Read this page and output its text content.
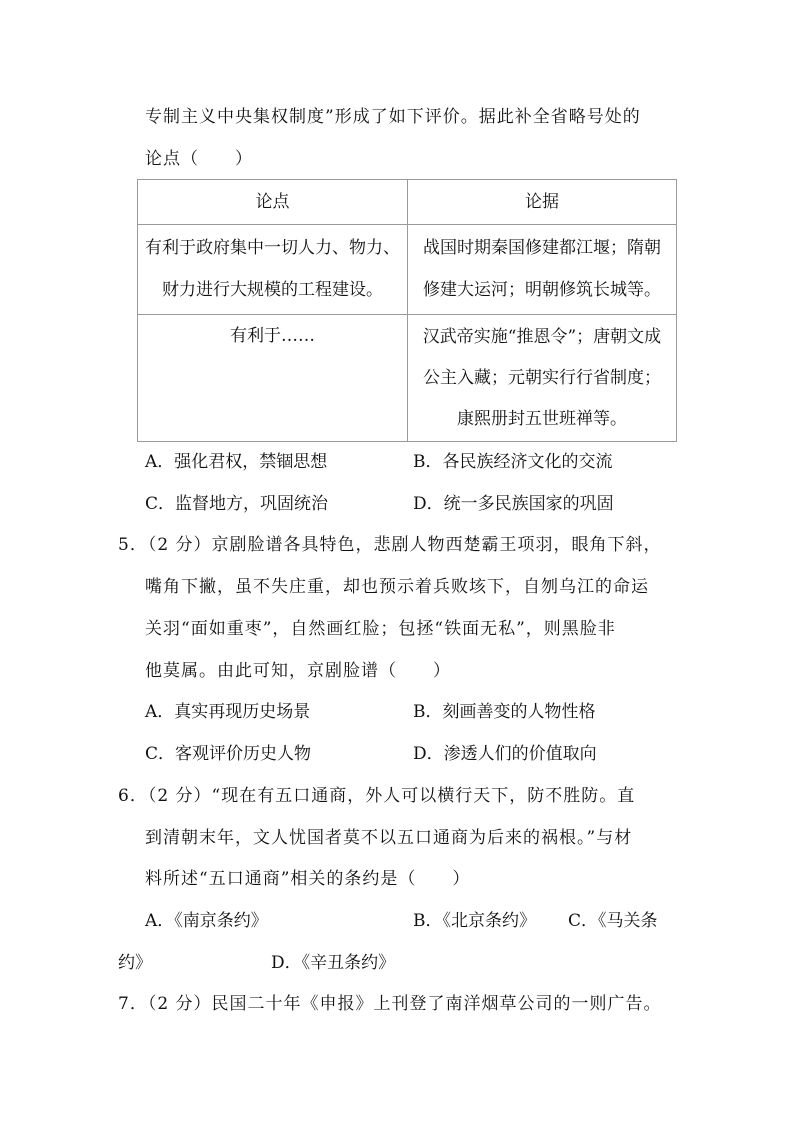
专制主义中央集权制度”形成了如下评价。据此补全省略号处的
论点（　　）
论点	论据

有利于政府集中一切人力、物力、
财力进行大规模的工程建设。	战国时期秦国修建都江堰；隋朝
修建大运河；明朝修筑长城等。

有利于……	汉武帝实施“推恩令”；唐朝文成
公主入藏；元朝实行行省制度；
康熙册封五世班禅等。
A．强化君权，禁锢思想	B．各民族经济文化的交流
C．监督地方，巩固统治	D．统一多民族国家的巩固
5．（2 分）京剧脸谱各具特色，悲剧人物西楚霸王项羽，眼角下斜，
嘴角下撇，虽不失庄重，却也预示着兵败垓下，自刎乌江的命运
关羽“面如重枣”，自然画红脸；包拯“铁面无私”，则黑脸非
他莫属。由此可知，京剧脸谱（　　）
A．真实再现历史场景	B．刻画善变的人物性格
C．客观评价历史人物	D．渗透人们的价值取向
6．（2 分）“现在有五口通商，外人可以横行天下，防不胜防。直
到清朝末年，文人忧国者莫不以五口通商为后来的祸根。”与材
料所述“五口通商”相关的条约是（　　）
A．《南京条约》	B．《北京条约》 C．《马关条
约》	D．《辛丑条约》
7．（2 分）民国二十年《申报》上刊登了南洋烟草公司的一则广告。
